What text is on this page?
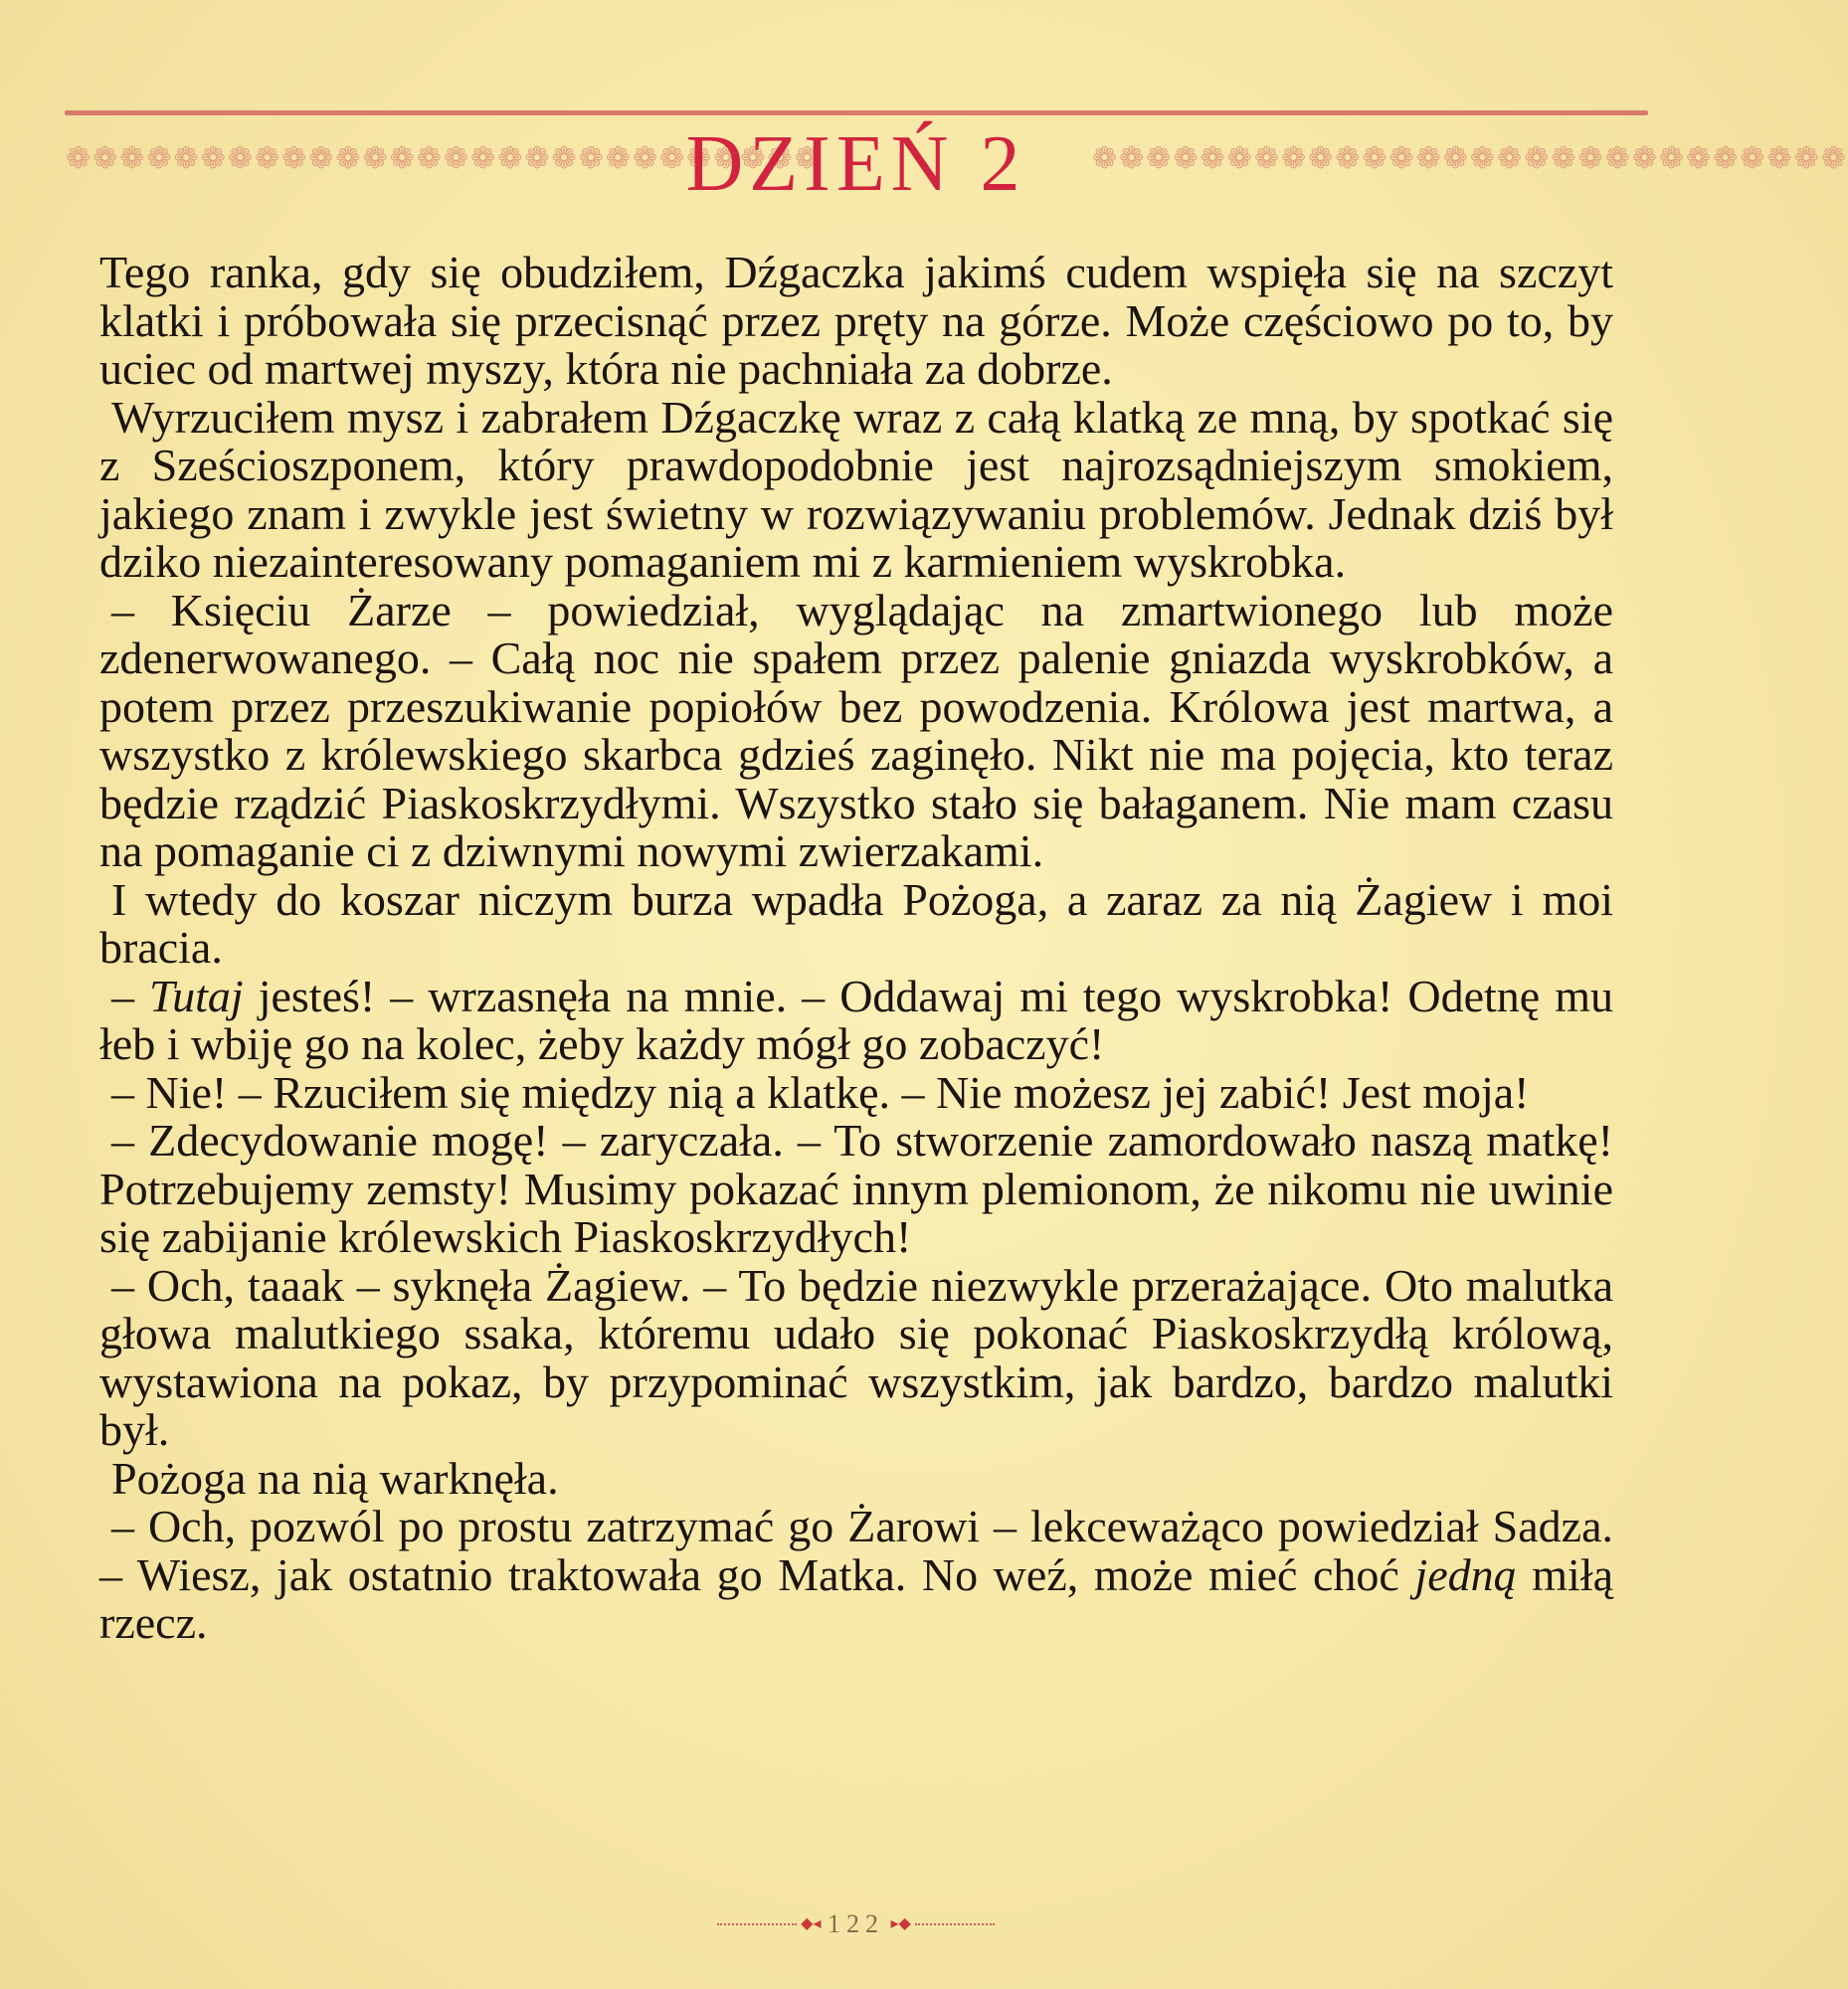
❁❁❁❁❁❁❁❁❁❁❁❁❁❁❁❁❁❁❁❁❁❁❁❁❁❁❁❁	❁❁❁❁❁❁❁❁❁❁❁❁❁❁❁❁❁❁❁❁❁❁❁❁❁❁❁❁
DZIEŃ 2

Tego ranka, gdy się obudziłem, Dźgaczka jakimś cudem wspięła się na szczyt klatki i próbowała się przecisnąć przez pręty na górze. Może częściowo po to, by uciec od martwej myszy, która nie pachniała za dobrze.

Wyrzuciłem mysz i zabrałem Dźgaczkę wraz z całą klatką ze mną, by spotkać się z Sześcioszponem, który prawdopodobnie jest najrozsądniejszym smokiem, jakiego znam i zwykle jest świetny w rozwiązywaniu problemów. Jednak dziś był dziko niezainteresowany pomaganiem mi z karmieniem wyskrobka.

– Księciu Żarze – powiedział, wyglądając na zmartwionego lub może zdenerwowanego. – Całą noc nie spałem przez palenie gniazda wyskrobków, a potem przez przeszukiwanie popiołów bez powodzenia. Królowa jest martwa, a wszystko z królewskiego skarbca gdzieś zaginęło. Nikt nie ma pojęcia, kto teraz będzie rządzić Piaskoskrzydłymi. Wszystko stało się bałaganem. Nie mam czasu na pomaganie ci z dziwnymi nowymi zwierzakami.

I wtedy do koszar niczym burza wpadła Pożoga, a zaraz za nią Żagiew i moi bracia.

– Tutaj jesteś! – wrzasnęła na mnie. – Oddawaj mi tego wyskrobka! Odetnę mu łeb i wbiję go na kolec, żeby każdy mógł go zobaczyć!

– Nie! – Rzuciłem się między nią a klatkę. – Nie możesz jej zabić! Jest moja!

– Zdecydowanie mogę! – zaryczała. – To stworzenie zamordowało naszą matkę! Potrzebujemy zemsty! Musimy pokazać innym plemionom, że nikomu nie uwinie się zabijanie królewskich Piaskoskrzydłych!

– Och, taaak – syknęła Żagiew. – To będzie niezwykle przerażające. Oto malutka głowa malutkiego ssaka, któremu udało się pokonać Piaskoskrzydłą królową, wystawiona na pokaz, by przypominać wszystkim, jak bardzo, bardzo malutki był.

Pożoga na nią warknęła.

– Och, pozwól po prostu zatrzymać go Żarowi – lekceważąco powiedział Sadza. – Wiesz, jak ostatnio traktowała go Matka. No weź, może mieć choć jedną miłą rzecz.

◆◂ 122 ▸◆
